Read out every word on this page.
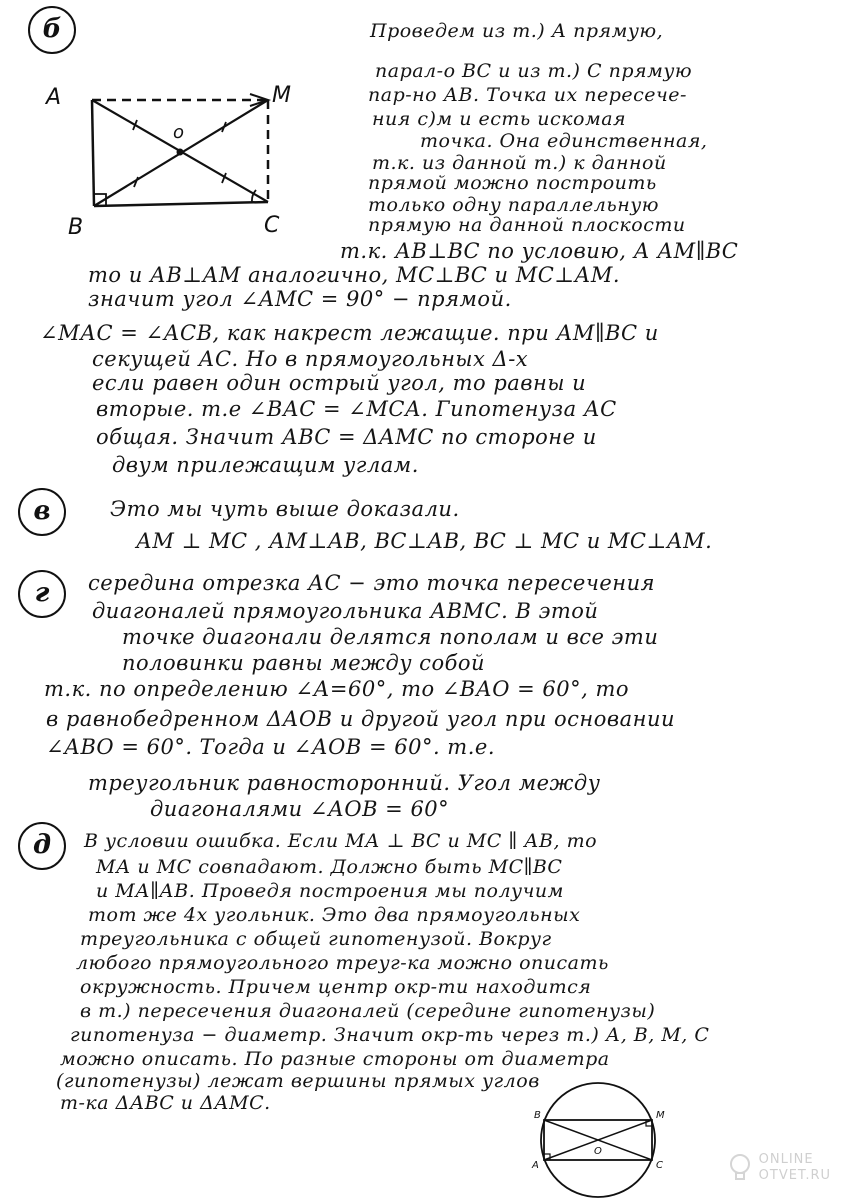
б
A	M
B	C
o
Проведем из т.) А прямую,
парал-о ВС и из т.) С прямую
пар-но АВ. Точка их пересече-
ния с)м и есть искомая
точка. Она единственная,
т.к. из данной т.) к данной
прямой можно построить
только одну параллельную
прямую на данной плоскости
т.к. АВ⊥ВС по условию, А АМ∥ВС
то и АВ⊥АМ аналогично, МС⊥ВС и МС⊥АМ.
значит угол ∠АМС = 90° − прямой.
∠МАС = ∠АСВ, как накрест лежащие. при АМ∥ВС и
секущей АС. Но в прямоугольных Δ-х
если равен один острый угол, то равны и
вторые. т.е ∠ВАС = ∠МСА. Гипотенуза АС
общая. Значит АВС = ΔАМС по стороне и
двум прилежащим углам.
в	Это мы чуть выше доказали.
АМ ⊥ МС , АМ⊥АВ, ВС⊥АВ, ВС ⊥ МС и МС⊥АМ.
г	середина отрезка АС − это точка пересечения
диагоналей прямоугольника АВМС. В этой
точке диагонали делятся пополам и все эти
половинки равны между собой
т.к. по определению ∠А=60°, то ∠ВАО = 60°, то
в равнобедренном ΔАОВ и другой угол при основании
∠АВО = 60°. Тогда и ∠АОВ = 60°. т.е.
треугольник равносторонний. Угол между
диагоналями ∠АОВ = 60°
д	В условии ошибка. Если МА ⊥ ВС и МС ∥ АВ, то
МА и МС совпадают. Должно быть МС∥ВС
и МА∥АВ. Проведя построения мы получим
тот же 4х угольник. Это два прямоугольных
треугольника с общей гипотенузой. Вокруг
любого прямоугольного треуг-ка можно описать
окружность. Причем центр окр-ти находится
в т.) пересечения диагоналей (середине гипотенузы)
гипотенуза − диаметр. Значит окр-ть через т.) А, В, М, С
можно описать. По разные стороны от диаметра
(гипотенузы) лежат вершины прямых углов
т-ка ΔАВС и ΔАМС.
B	M
A	C
O
ONLINE
OTVET.RU
